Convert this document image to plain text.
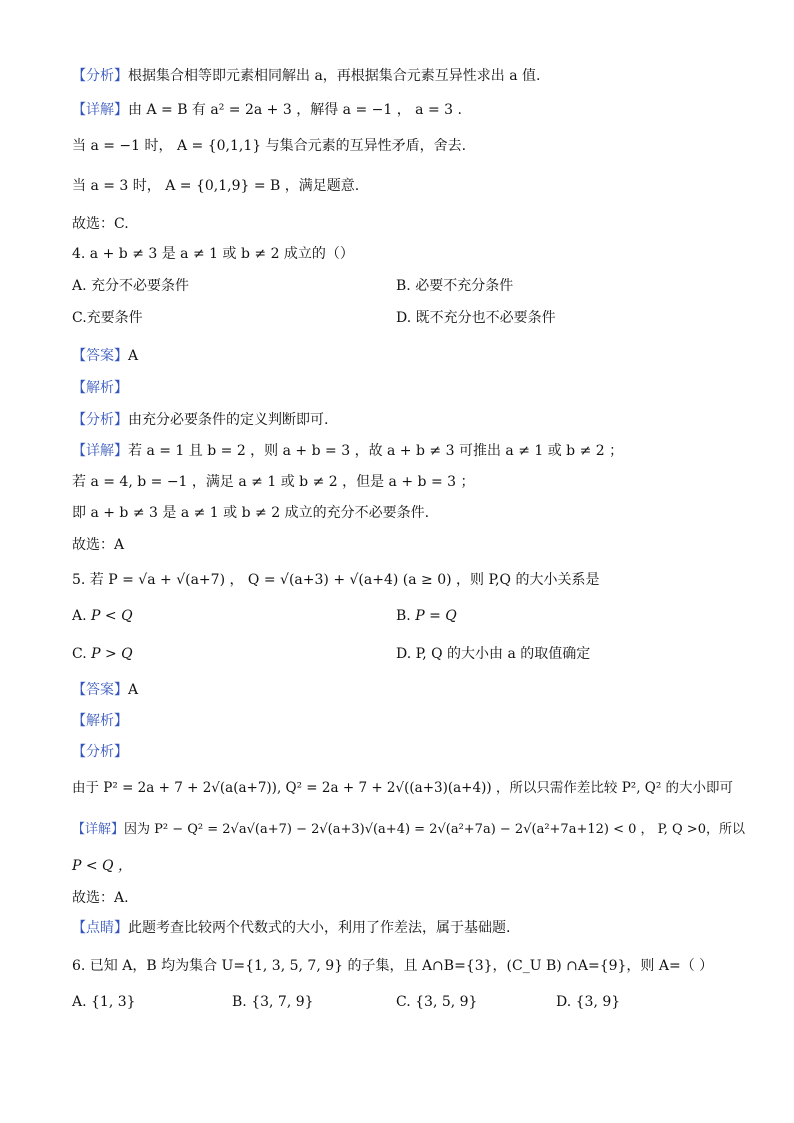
【分析】根据集合相等即元素相同解出 a，再根据集合元素互异性求出 a 值.
【详解】由 A = B 有 a² = 2a + 3 ，解得 a = −1 ， a = 3 .
当 a = −1 时， A = {0,1,1} 与集合元素的互异性矛盾，舍去.
当 a = 3 时， A = {0,1,9} = B ，满足题意.
故选：C.
4. a + b ≠ 3 是 a ≠ 1 或 b ≠ 2 成立的（）
A. 充分不必要条件	B. 必要不充分条件
C.充要条件	D. 既不充分也不必要条件
【答案】A
【解析】
【分析】由充分必要条件的定义判断即可.
【详解】若 a = 1 且 b = 2 ，则 a + b = 3 ，故 a + b ≠ 3 可推出 a ≠ 1 或 b ≠ 2 ；
若 a = 4, b = −1 ，满足 a ≠ 1 或 b ≠ 2 ，但是 a + b = 3 ；
即 a + b ≠ 3 是 a ≠ 1 或 b ≠ 2 成立的充分不必要条件.
故选：A
5. 若 P = √a + √(a+7) ， Q = √(a+3) + √(a+4) (a ≥ 0) ，则 P,Q 的大小关系是
A. P < Q	B. P = Q
C. P > Q	D. P, Q 的大小由 a 的取值确定
【答案】A
【解析】
【分析】
由于 P² = 2a + 7 + 2√(a(a+7)), Q² = 2a + 7 + 2√((a+3)(a+4)) ，所以只需作差比较 P², Q² 的大小即可
【详解】因为 P² − Q² = 2√a√(a+7) − 2√(a+3)√(a+4) = 2√(a²+7a) − 2√(a²+7a+12) < 0 ， P, Q >0，所以
P < Q ，
故选：A.
【点睛】此题考查比较两个代数式的大小，利用了作差法，属于基础题.
6. 已知 A，B 均为集合 U={1, 3, 5, 7, 9} 的子集，且 A∩B={3}，(C_U B) ∩A={9}，则 A=（ ）
A. {1, 3}	B. {3, 7, 9}	C. {3, 5, 9}	D. {3, 9}
